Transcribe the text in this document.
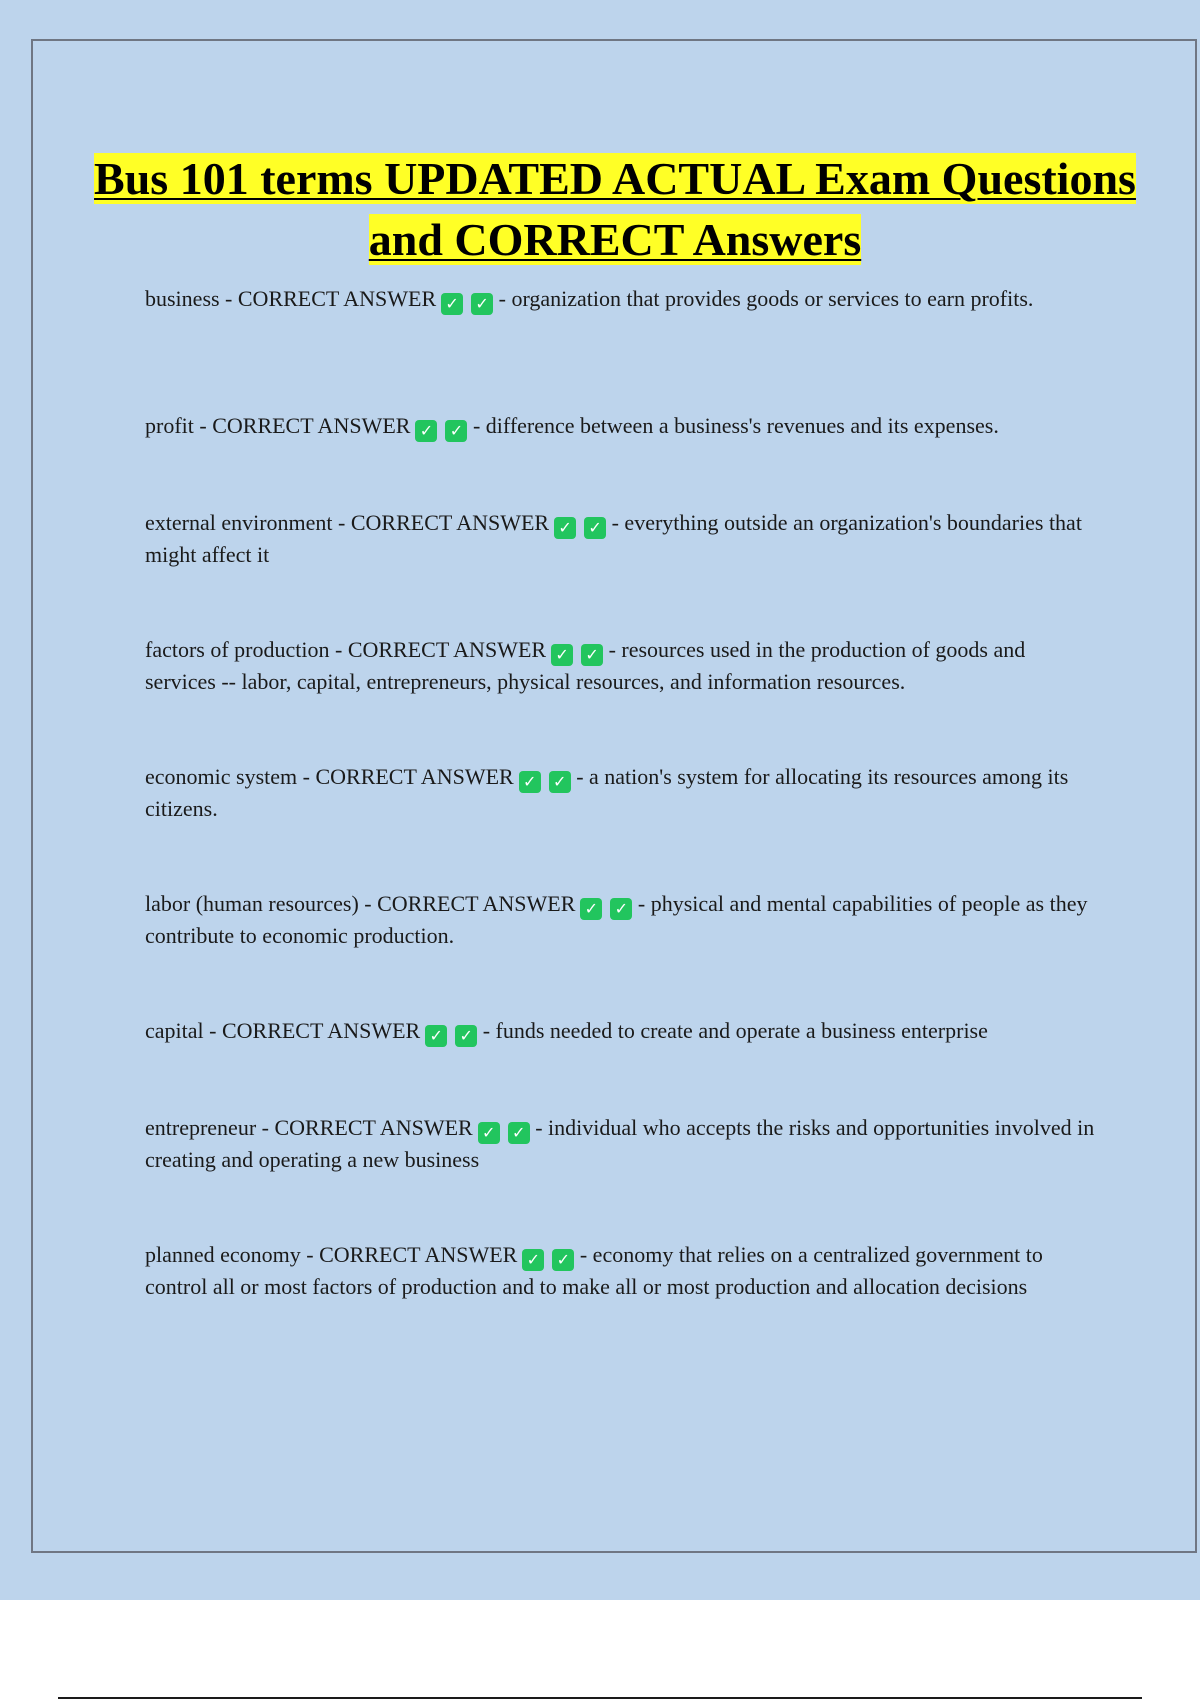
Bus 101 terms UPDATED ACTUAL Exam Questions and CORRECT Answers

business - CORRECT ANSWER ✓ ✓ - organization that provides goods or services to earn profits.

profit - CORRECT ANSWER ✓ ✓ - difference between a business's revenues and its expenses.

external environment - CORRECT ANSWER ✓ ✓ - everything outside an organization's boundaries that might affect it

factors of production - CORRECT ANSWER ✓ ✓ - resources used in the production of goods and services -- labor, capital, entrepreneurs, physical resources, and information resources.

economic system - CORRECT ANSWER ✓ ✓ - a nation's system for allocating its resources among its citizens.

labor (human resources) - CORRECT ANSWER ✓ ✓ - physical and mental capabilities of people as they contribute to economic production.

capital - CORRECT ANSWER ✓ ✓ - funds needed to create and operate a business enterprise

entrepreneur - CORRECT ANSWER ✓ ✓ - individual who accepts the risks and opportunities involved in creating and operating a new business

planned economy - CORRECT ANSWER ✓ ✓ - economy that relies on a centralized government to control all or most factors of production and to make all or most production and allocation decisions
